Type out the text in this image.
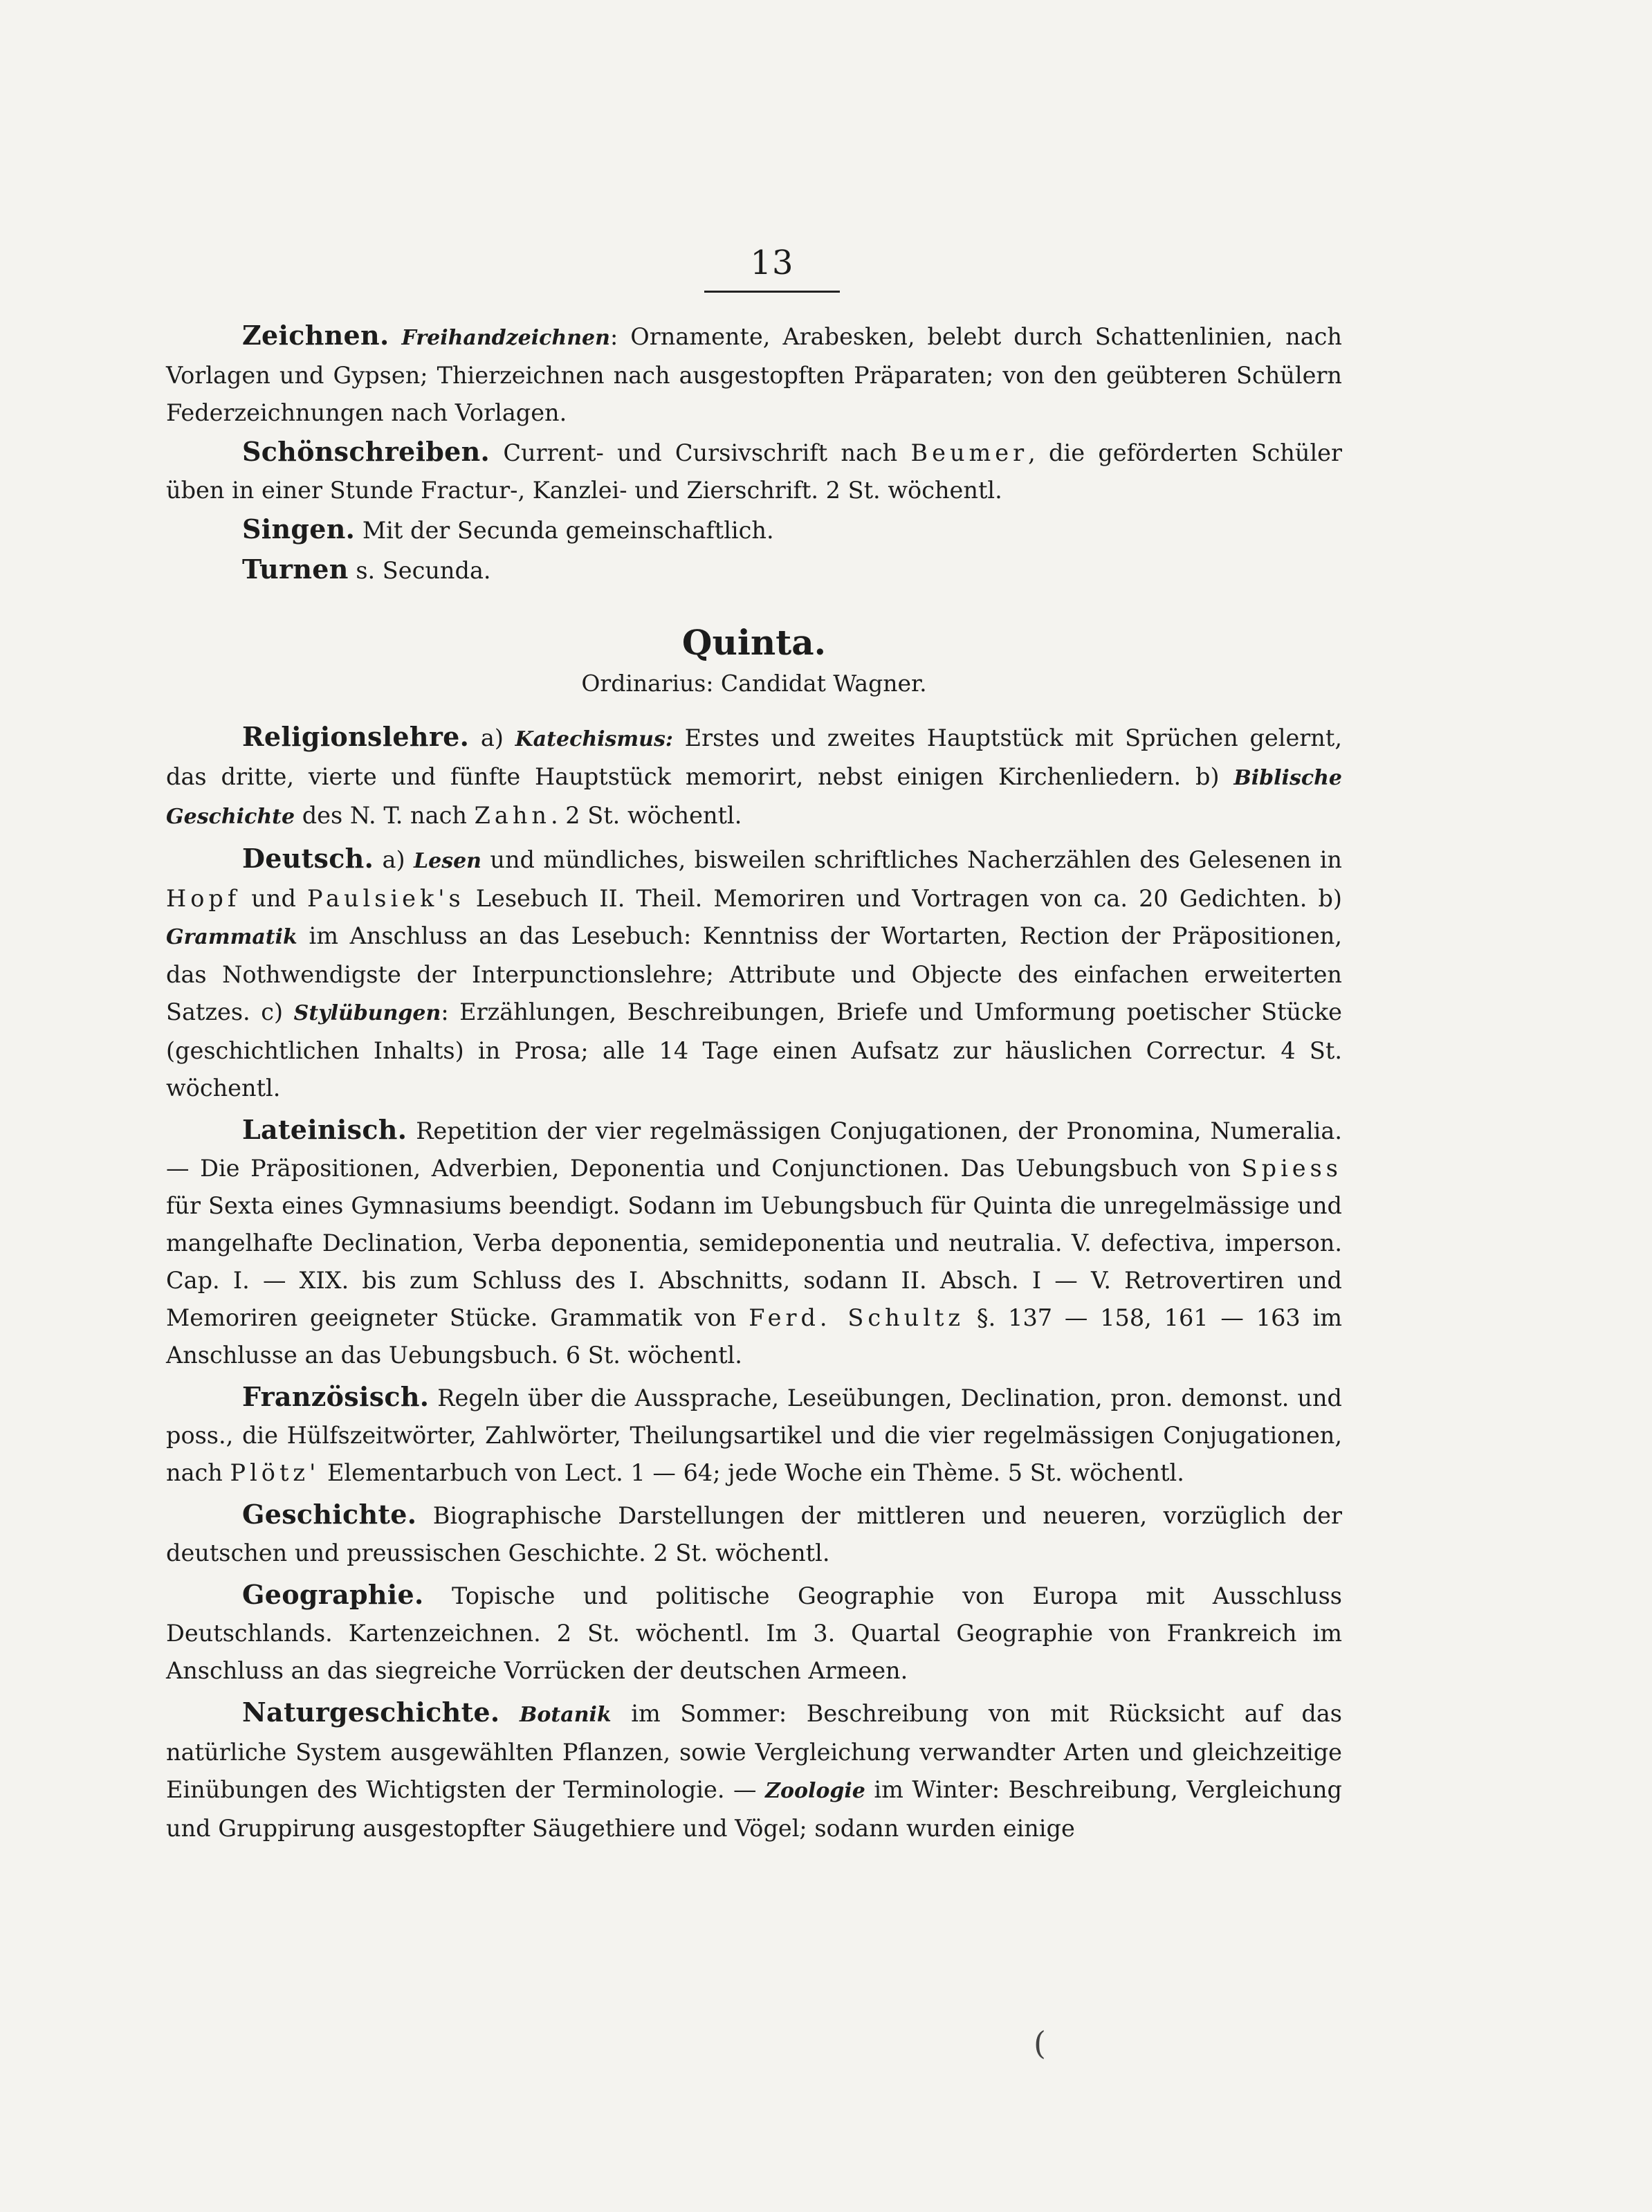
13

Zeichnen. Freihandzeichnen: Ornamente, Arabesken, belebt durch Schattenlinien, nach Vorlagen und Gypsen; Thierzeichnen nach ausgestopften Präparaten; von den geübteren Schülern Federzeichnungen nach Vorlagen.

Schönschreiben. Current- und Cursivschrift nach Beumer, die geförderten Schüler üben in einer Stunde Fractur-, Kanzlei- und Zierschrift. 2 St. wöchentl.

Singen. Mit der Secunda gemeinschaftlich.

Turnen s. Secunda.

Quinta.
Ordinarius: Candidat Wagner.

Religionslehre. a) Katechismus: Erstes und zweites Hauptstück mit Sprüchen gelernt, das dritte, vierte und fünfte Hauptstück memorirt, nebst einigen Kirchenliedern. b) Biblische Geschichte des N. T. nach Zahn. 2 St. wöchentl.

Deutsch. a) Lesen und mündliches, bisweilen schriftliches Nacherzählen des Gelesenen in Hopf und Paulsiek's Lesebuch II. Theil. Memoriren und Vortragen von ca. 20 Gedichten. b) Grammatik im Anschluss an das Lesebuch: Kenntniss der Wortarten, Rection der Präpositionen, das Nothwendigste der Interpunctionslehre; Attribute und Objecte des einfachen erweiterten Satzes. c) Stylübungen: Erzählungen, Beschreibungen, Briefe und Umformung poetischer Stücke (geschichtlichen Inhalts) in Prosa; alle 14 Tage einen Aufsatz zur häuslichen Correctur. 4 St. wöchentl.

Lateinisch. Repetition der vier regelmässigen Conjugationen, der Pronomina, Numeralia. — Die Präpositionen, Adverbien, Deponentia und Conjunctionen. Das Uebungsbuch von Spiess für Sexta eines Gymnasiums beendigt. Sodann im Uebungsbuch für Quinta die unregelmässige und mangelhafte Declination, Verba deponentia, semideponentia und neutralia. V. defectiva, imperson. Cap. I. — XIX. bis zum Schluss des I. Abschnitts, sodann II. Absch. I — V. Retrovertiren und Memoriren geeigneter Stücke. Grammatik von Ferd. Schultz §. 137 — 158, 161 — 163 im Anschlusse an das Uebungsbuch. 6 St. wöchentl.

Französisch. Regeln über die Aussprache, Leseübungen, Declination, pron. demonst. und poss., die Hülfszeitwörter, Zahlwörter, Theilungsartikel und die vier regelmässigen Conjugationen, nach Plötz' Elementarbuch von Lect. 1 — 64; jede Woche ein Thème. 5 St. wöchentl.

Geschichte. Biographische Darstellungen der mittleren und neueren, vorzüglich der deutschen und preussischen Geschichte. 2 St. wöchentl.

Geographie. Topische und politische Geographie von Europa mit Ausschluss Deutschlands. Kartenzeichnen. 2 St. wöchentl. Im 3. Quartal Geographie von Frankreich im Anschluss an das siegreiche Vorrücken der deutschen Armeen.

Naturgeschichte. Botanik im Sommer: Beschreibung von mit Rücksicht auf das natürliche System ausgewählten Pflanzen, sowie Vergleichung verwandter Arten und gleichzeitige Einübungen des Wichtigsten der Terminologie. — Zoologie im Winter: Beschreibung, Vergleichung und Gruppirung ausgestopfter Säugethiere und Vögel; sodann wurden einige

(
